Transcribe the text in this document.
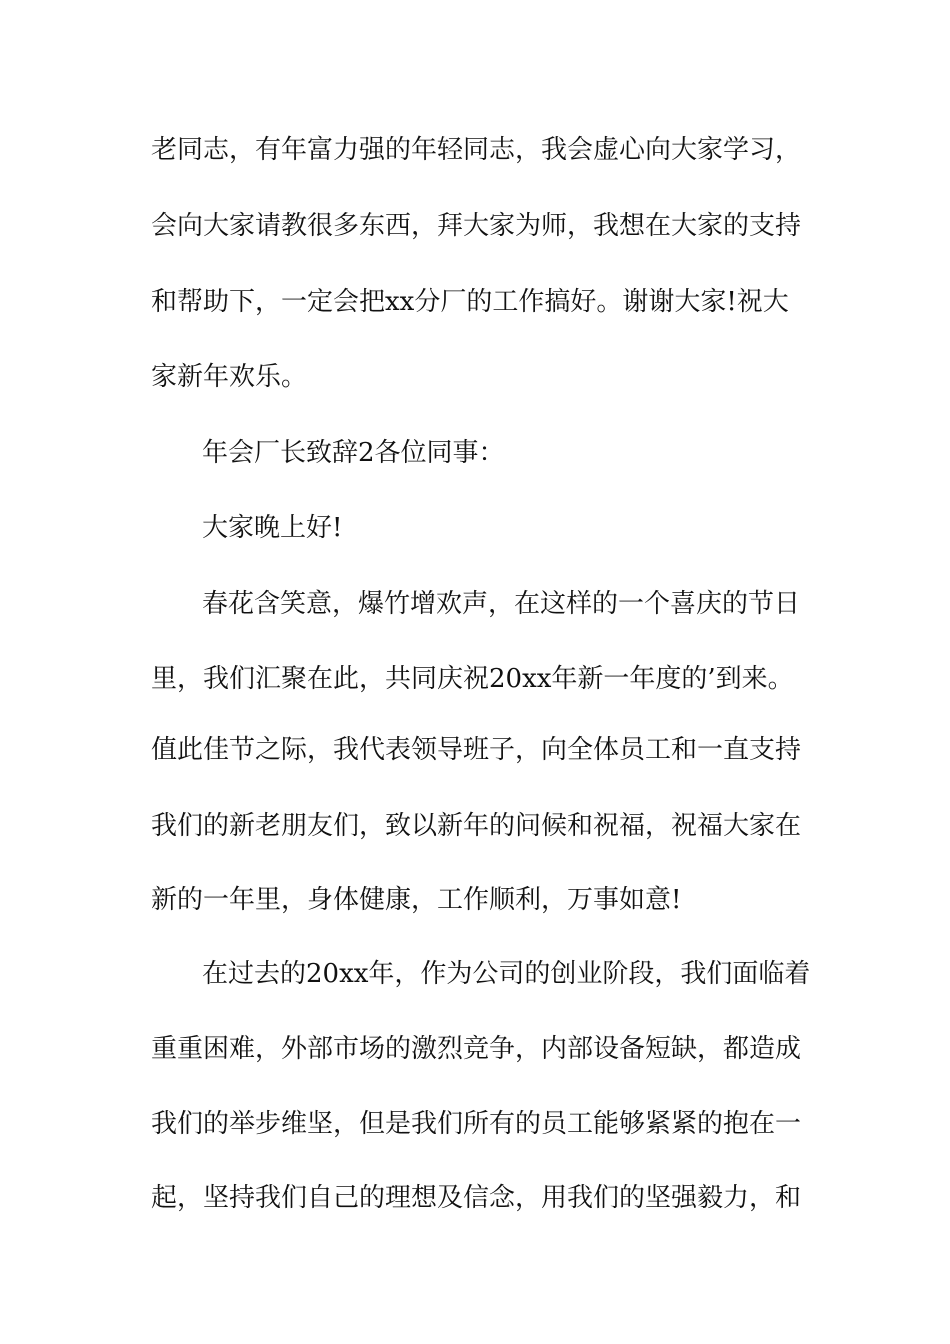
老同志，有年富力强的年轻同志，我会虚心向大家学习，
会向大家请教很多东西，拜大家为师，我想在大家的支持
和帮助下，一定会把xx分厂的工作搞好。谢谢大家!祝大
家新年欢乐。
年会厂长致辞2各位同事：
大家晚上好!
春花含笑意，爆竹增欢声，在这样的一个喜庆的节日
里，我们汇聚在此，共同庆祝20xx年新一年度的’到来。
值此佳节之际，我代表领导班子，向全体员工和一直支持
我们的新老朋友们，致以新年的问候和祝福，祝福大家在
新的一年里，身体健康，工作顺利，万事如意!
在过去的20xx年，作为公司的创业阶段，我们面临着
重重困难，外部市场的激烈竞争，内部设备短缺，都造成
我们的举步维坚，但是我们所有的员工能够紧紧的抱在一
起，坚持我们自己的理想及信念，用我们的坚强毅力，和
